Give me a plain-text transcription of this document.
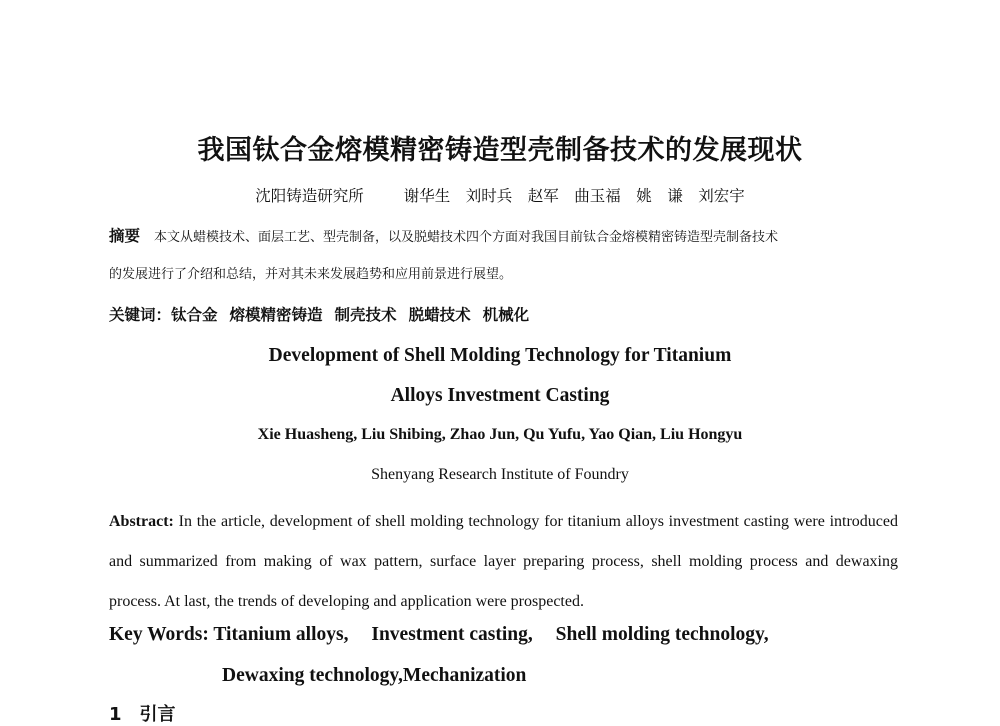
我国钛合金熔模精密铸造型壳制备技术的发展现状
沈阳铸造研究所	谢华生　刘时兵　赵军　曲玉福　姚　谦　刘宏宇
摘要 本文从蜡模技术、面层工艺、型壳制备，以及脱蜡技术四个方面对我国目前钛合金熔模精密铸造型壳制备技术
的发展进行了介绍和总结，并对其未来发展趋势和应用前景进行展望。
关键词：钛合金 熔模精密铸造 制壳技术 脱蜡技术 机械化
Development of Shell Molding Technology for Titanium
Alloys Investment Casting
Xie Huasheng, Liu Shibing, Zhao Jun, Qu Yufu, Yao Qian, Liu Hongyu
Shenyang Research Institute of Foundry
Abstract: In the article, development of shell molding technology for titanium alloys investment casting were introduced and summarized from making of wax pattern, surface layer preparing process, shell molding process and dewaxing process. At last, the trends of developing and application were prospected.
Key Words: Titanium alloys, Investment casting, Shell molding technology,
Dewaxing technology,Mechanization
1 引言
